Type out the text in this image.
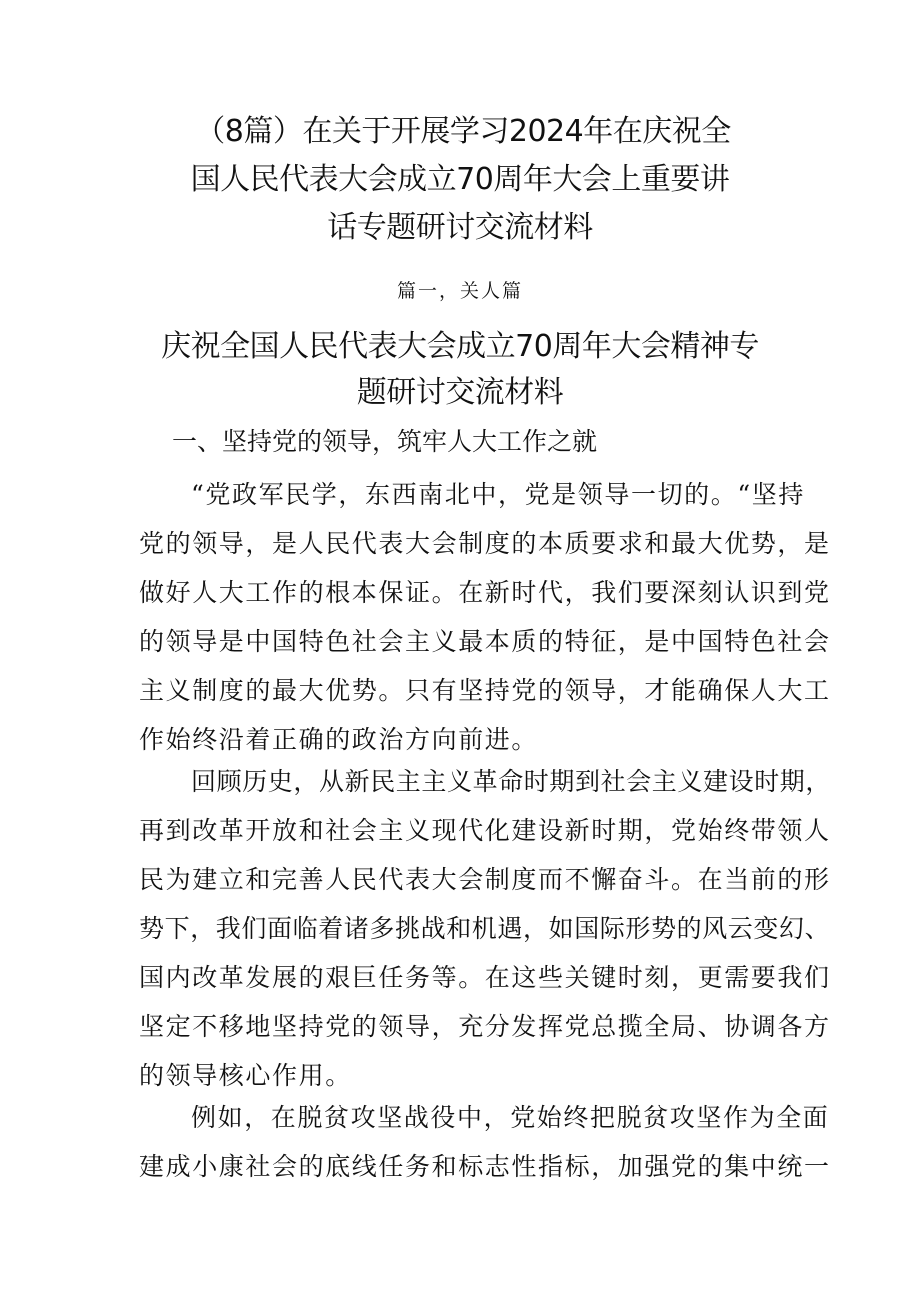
（8篇）在关于开展学习2024年在庆祝全
国人民代表大会成立70周年大会上重要讲
话专题研讨交流材料
篇一，关人篇
庆祝全国人民代表大会成立70周年大会精神专
题研讨交流材料
一、坚持党的领导，筑牢人大工作之就

“党政军民学，东西南北中，党是领导一切的。“坚持
党的领导，是人民代表大会制度的本质要求和最大优势，是
做好人大工作的根本保证。在新时代，我们要深刻认识到党
的领导是中国特色社会主义最本质的特征，是中国特色社会
主义制度的最大优势。只有坚持党的领导，才能确保人大工
作始终沿着正确的政治方向前进。

回顾历史，从新民主主义革命时期到社会主义建设时期，
再到改革开放和社会主义现代化建设新时期，党始终带领人
民为建立和完善人民代表大会制度而不懈奋斗。在当前的形
势下，我们面临着诸多挑战和机遇，如国际形势的风云变幻、
国内改革发展的艰巨任务等。在这些关键时刻，更需要我们
坚定不移地坚持党的领导，充分发挥党总揽全局、协调各方
的领导核心作用。

例如，在脱贫攻坚战役中，党始终把脱贫攻坚作为全面
建成小康社会的底线任务和标志性指标，加强党的集中统一
